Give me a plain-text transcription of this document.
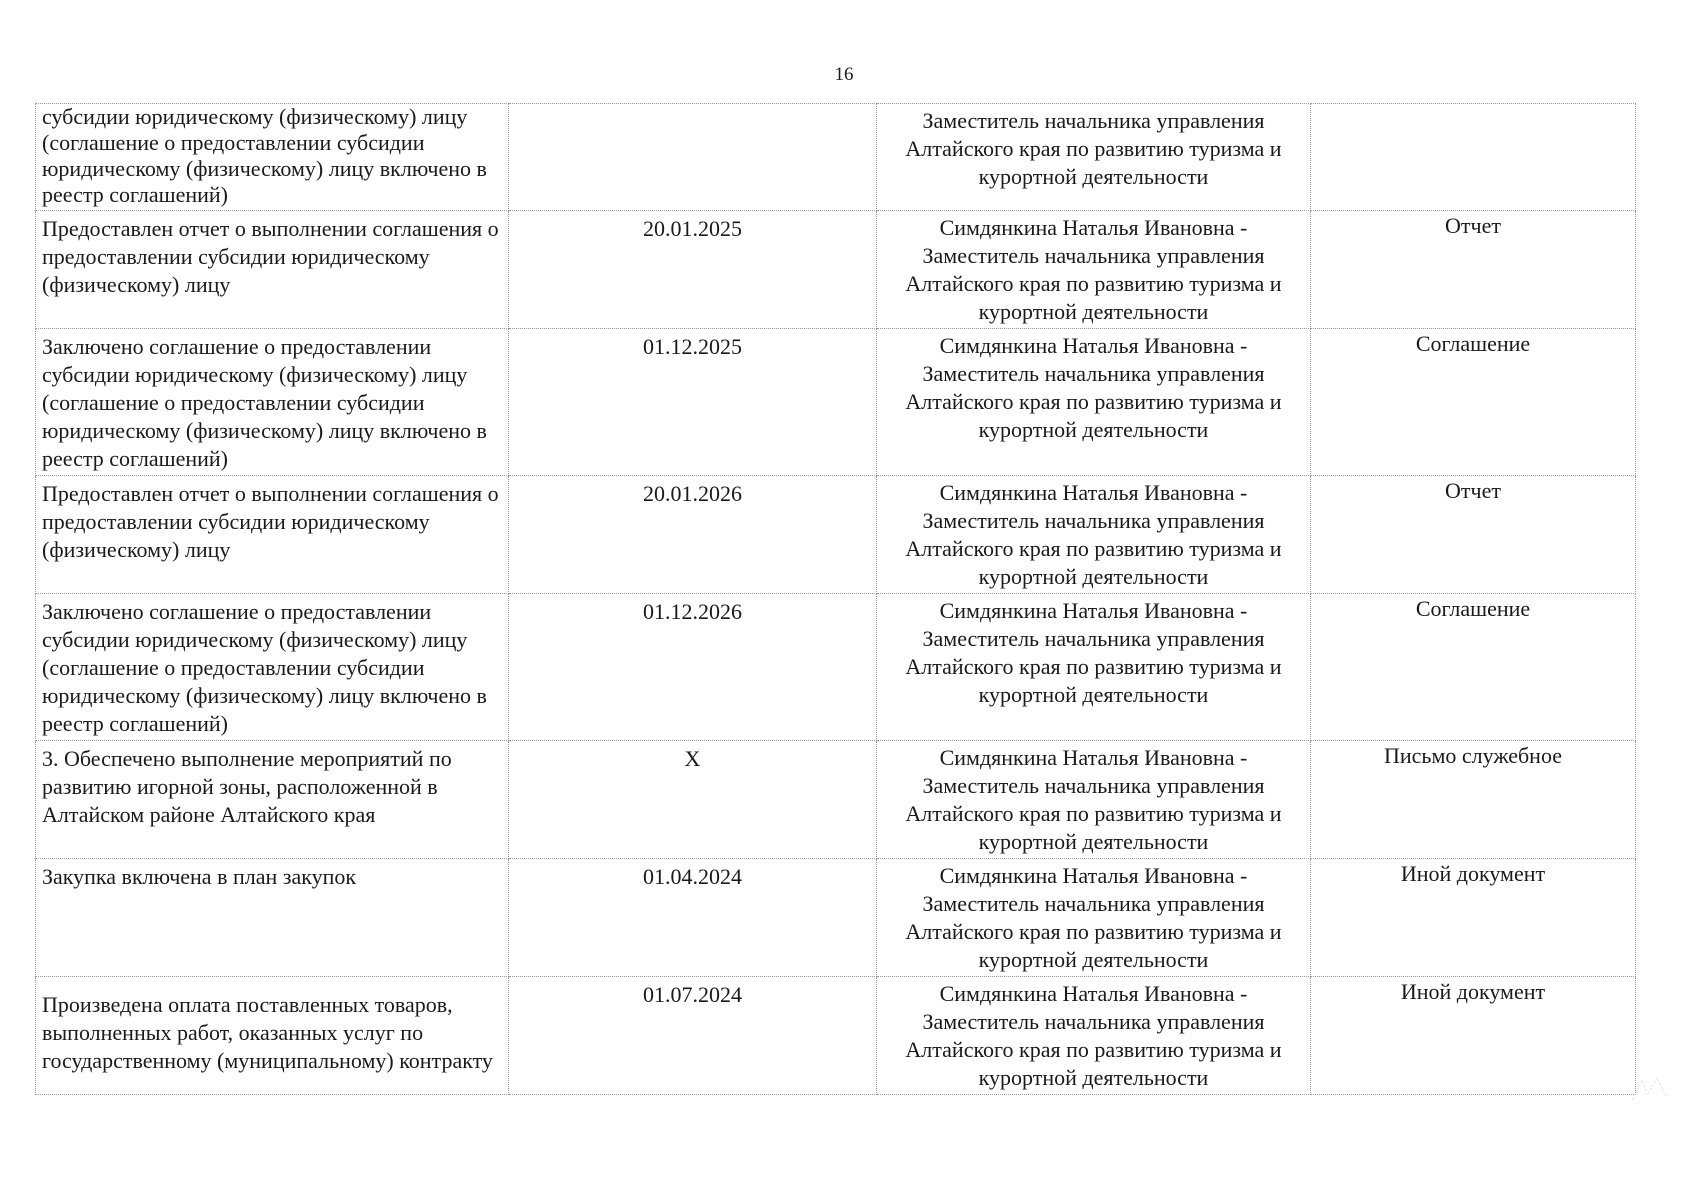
16
субсидии юридическому (физическому) лицу (соглашение о предоставлении субсидии юридическому (физическому) лицу включено в реестр соглашений)		Заместитель начальника управления Алтайского края по развитию туризма и курортной деятельности	
Предоставлен отчет о выполнении соглашения о предоставлении субсидии юридическому (физическому) лицу	20.01.2025	Симдянкина Наталья Ивановна - Заместитель начальника управления Алтайского края по развитию туризма и курортной деятельности	Отчет
Заключено соглашение о предоставлении субсидии юридическому (физическому) лицу (соглашение о предоставлении субсидии юридическому (физическому) лицу включено в реестр соглашений)	01.12.2025	Симдянкина Наталья Ивановна - Заместитель начальника управления Алтайского края по развитию туризма и курортной деятельности	Соглашение
Предоставлен отчет о выполнении соглашения о предоставлении субсидии юридическому (физическому) лицу	20.01.2026	Симдянкина Наталья Ивановна - Заместитель начальника управления Алтайского края по развитию туризма и курортной деятельности	Отчет
Заключено соглашение о предоставлении субсидии юридическому (физическому) лицу (соглашение о предоставлении субсидии юридическому (физическому) лицу включено в реестр соглашений)	01.12.2026	Симдянкина Наталья Ивановна - Заместитель начальника управления Алтайского края по развитию туризма и курортной деятельности	Соглашение
3. Обеспечено выполнение мероприятий по развитию игорной зоны, расположенной в Алтайском районе Алтайского края	X	Симдянкина Наталья Ивановна - Заместитель начальника управления Алтайского края по развитию туризма и курортной деятельности	Письмо служебное
Закупка включена в план закупок	01.04.2024	Симдянкина Наталья Ивановна - Заместитель начальника управления Алтайского края по развитию туризма и курортной деятельности	Иной документ
Произведена оплата поставленных товаров, выполненных работ, оказанных услуг по государственному (муниципальному) контракту	01.07.2024	Симдянкина Наталья Ивановна - Заместитель начальника управления Алтайского края по развитию туризма и курортной деятельности	Иной документ
